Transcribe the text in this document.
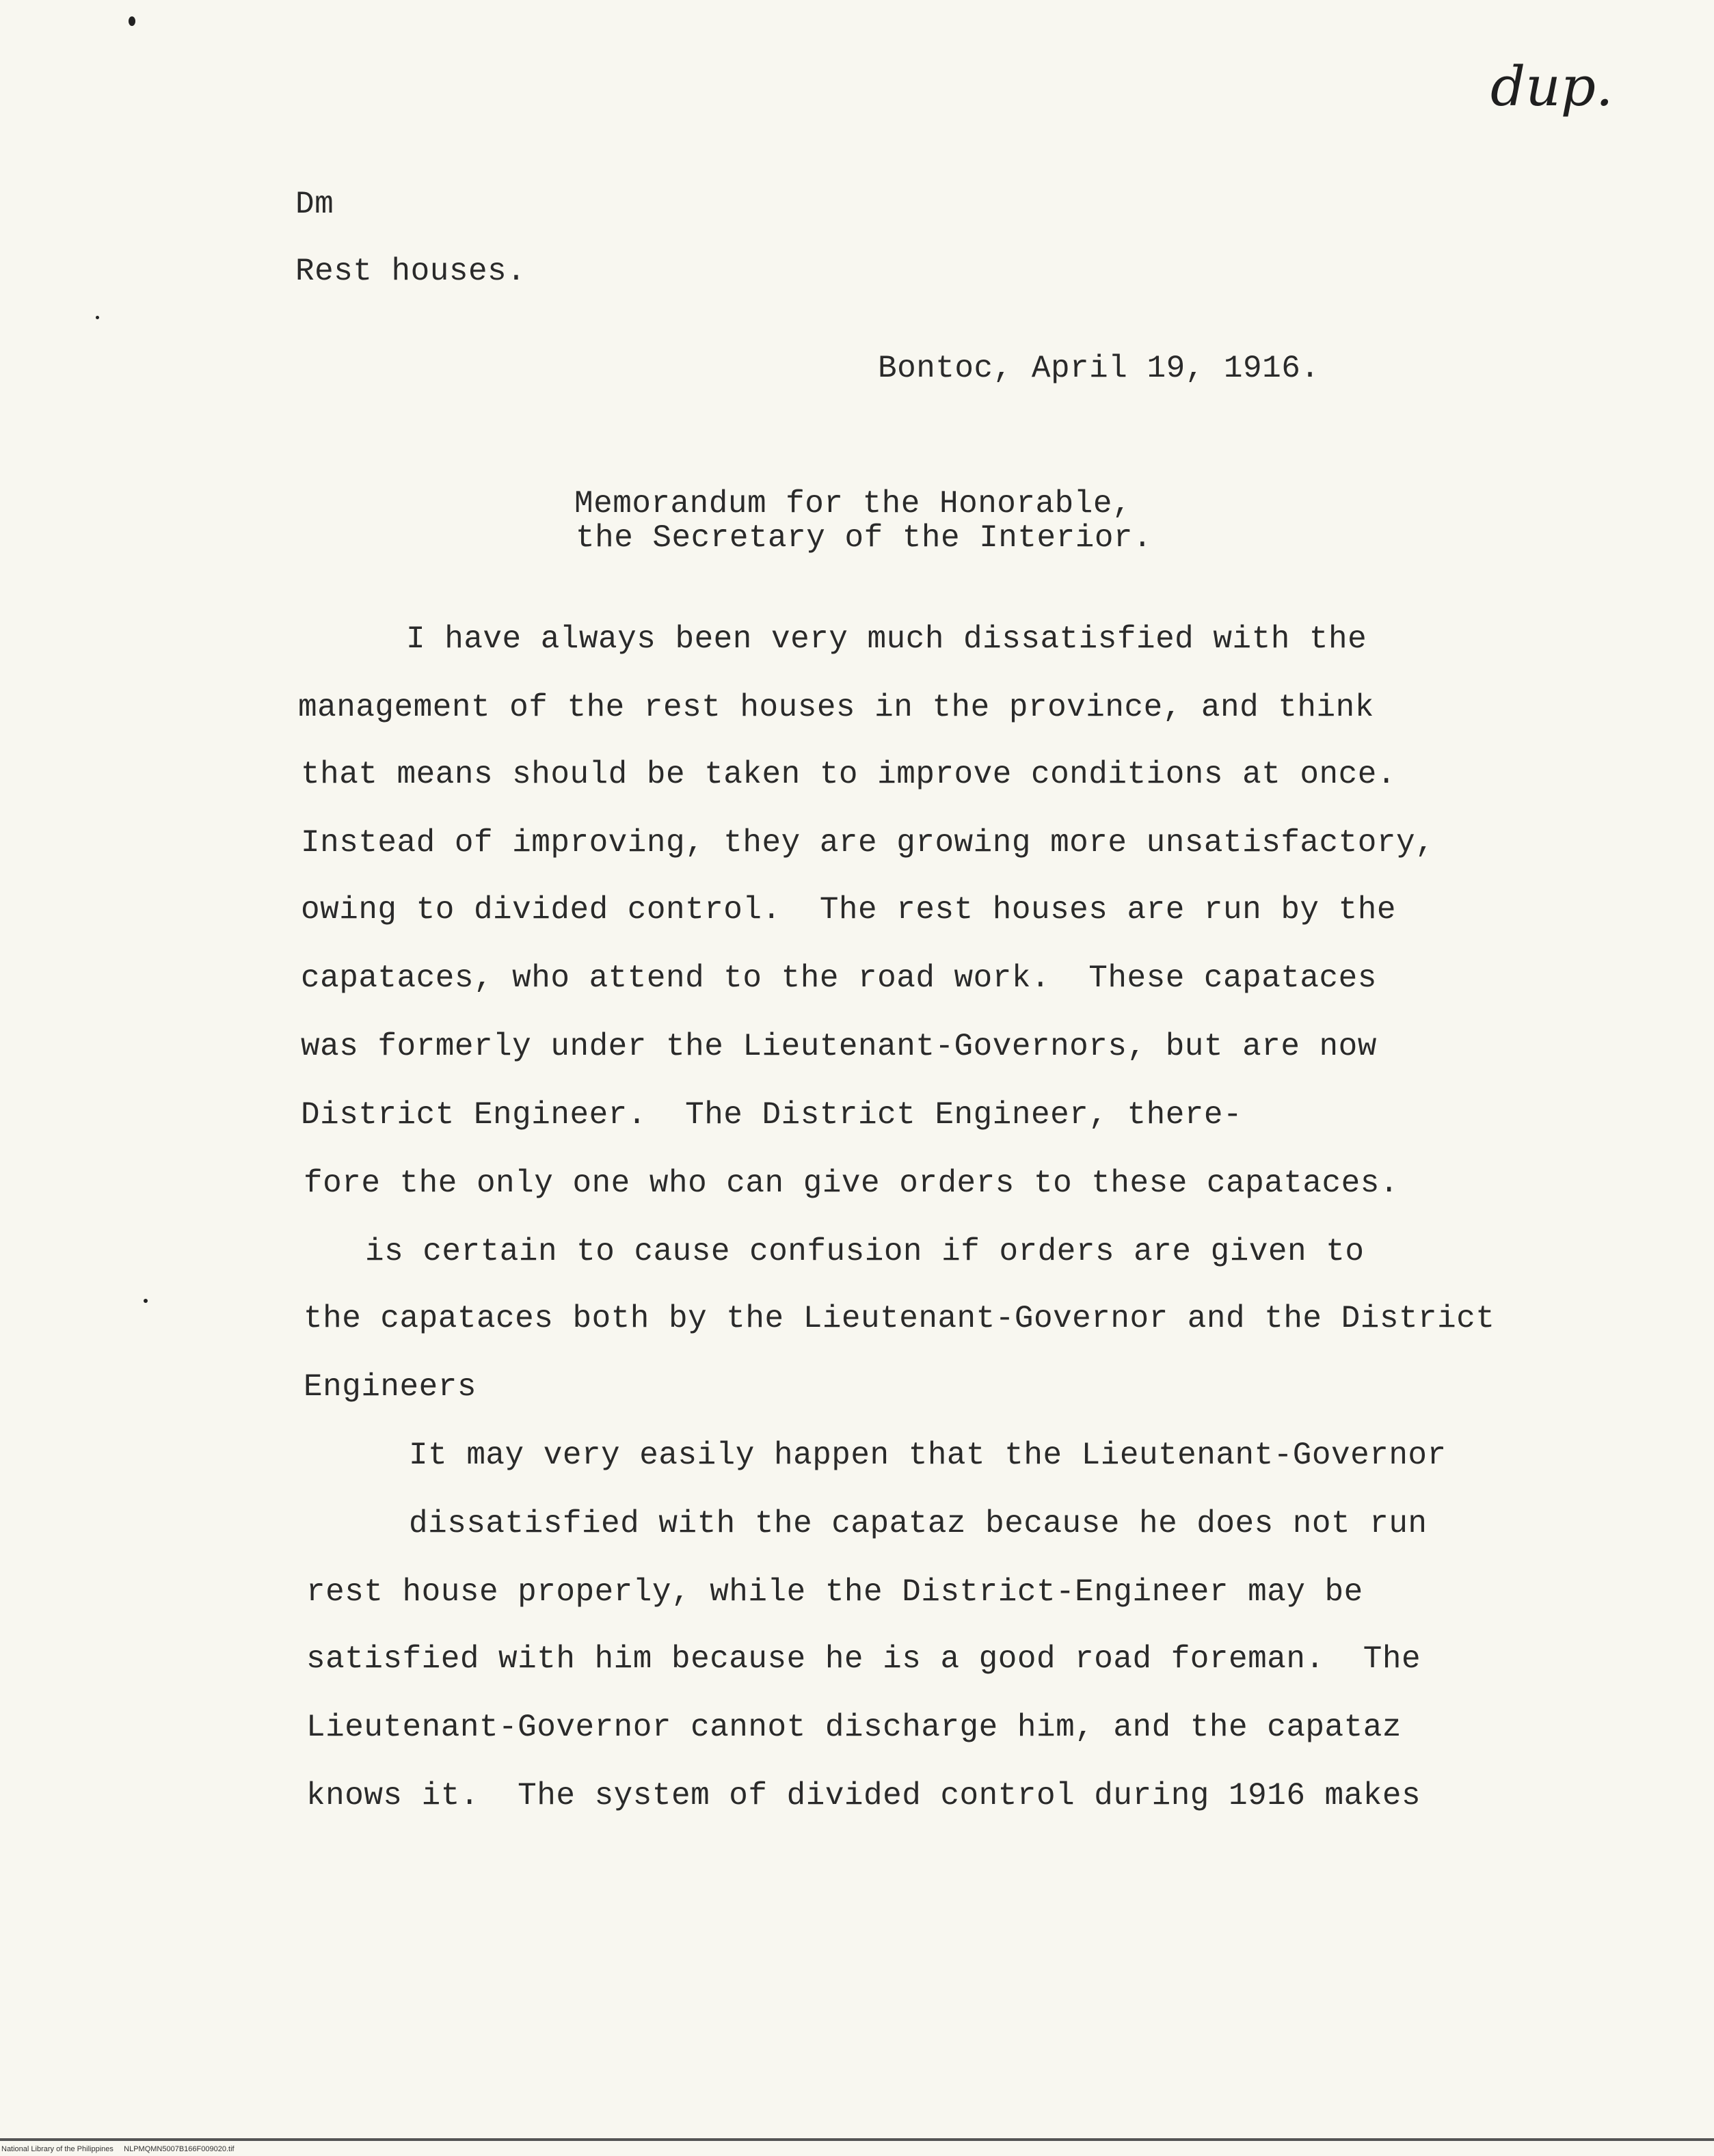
dup.
Dm
Rest houses.
Bontoc, April 19, 1916.
Memorandum for the Honorable,
the Secretary of the Interior.
I have always been very much dissatisfied with the
management of the rest houses in the province, and think
that means should be taken to improve conditions at once.
Instead of improving, they are growing more unsatisfactory,
owing to divided control.  The rest houses are run by the
capataces, who attend to the road work.  These capataces
was formerly under the Lieutenant-Governors, but are now
District Engineer.  The District Engineer, there-
fore the only one who can give orders to these capataces.
is certain to cause confusion if orders are given to
the capataces both by the Lieutenant-Governor and the District
Engineers
It may very easily happen that the Lieutenant-Governor
dissatisfied with the capataz because he does not run
rest house properly, while the District-Engineer may be
satisfied with him because he is a good road foreman.  The
Lieutenant-Governor cannot discharge him, and the capataz
knows it.  The system of divided control during 1916 makes
National Library of the Philippines     NLPMQMN5007B166F009020.tif
